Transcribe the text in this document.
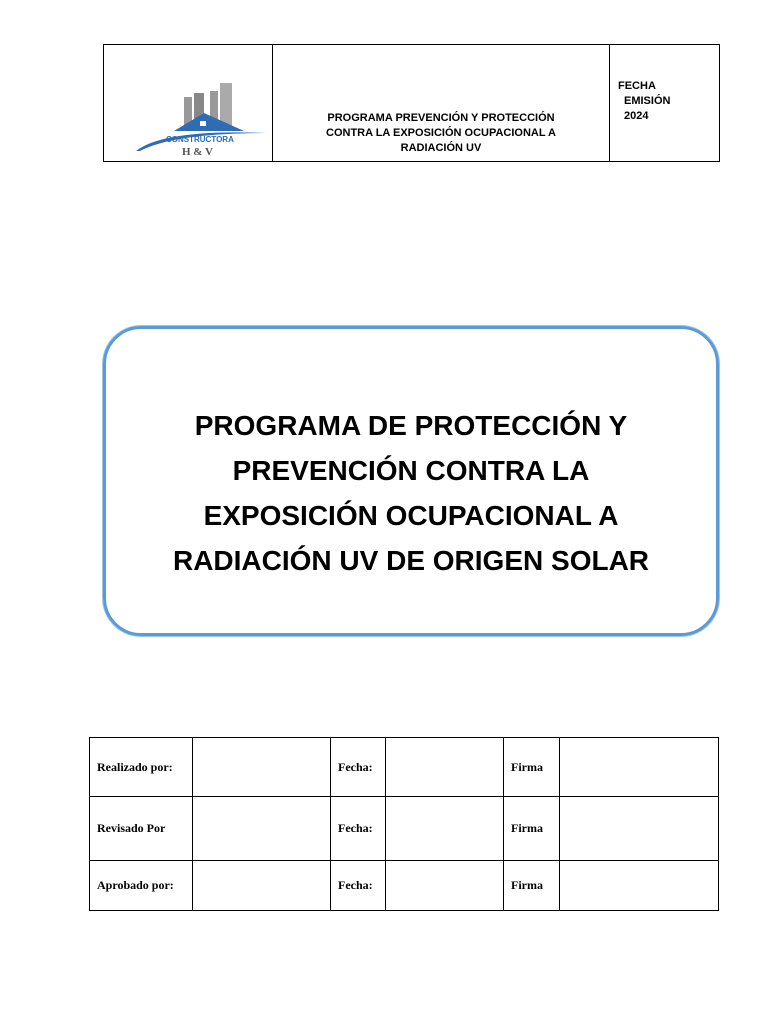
CONSTRUCTORA
H & V
PROGRAMA PREVENCIÓN Y PROTECCIÓN
CONTRA LA EXPOSICIÓN OCUPACIONAL A
RADIACIÓN UV
FECHA
EMISIÓN
2024
PROGRAMA DE PROTECCIÓN Y
PREVENCIÓN CONTRA LA
EXPOSICIÓN OCUPACIONAL A
RADIACIÓN UV DE ORIGEN SOLAR
Realizado por:		Fecha:		Firma	
Revisado Por		Fecha:		Firma	
Aprobado por:		Fecha:		Firma	
